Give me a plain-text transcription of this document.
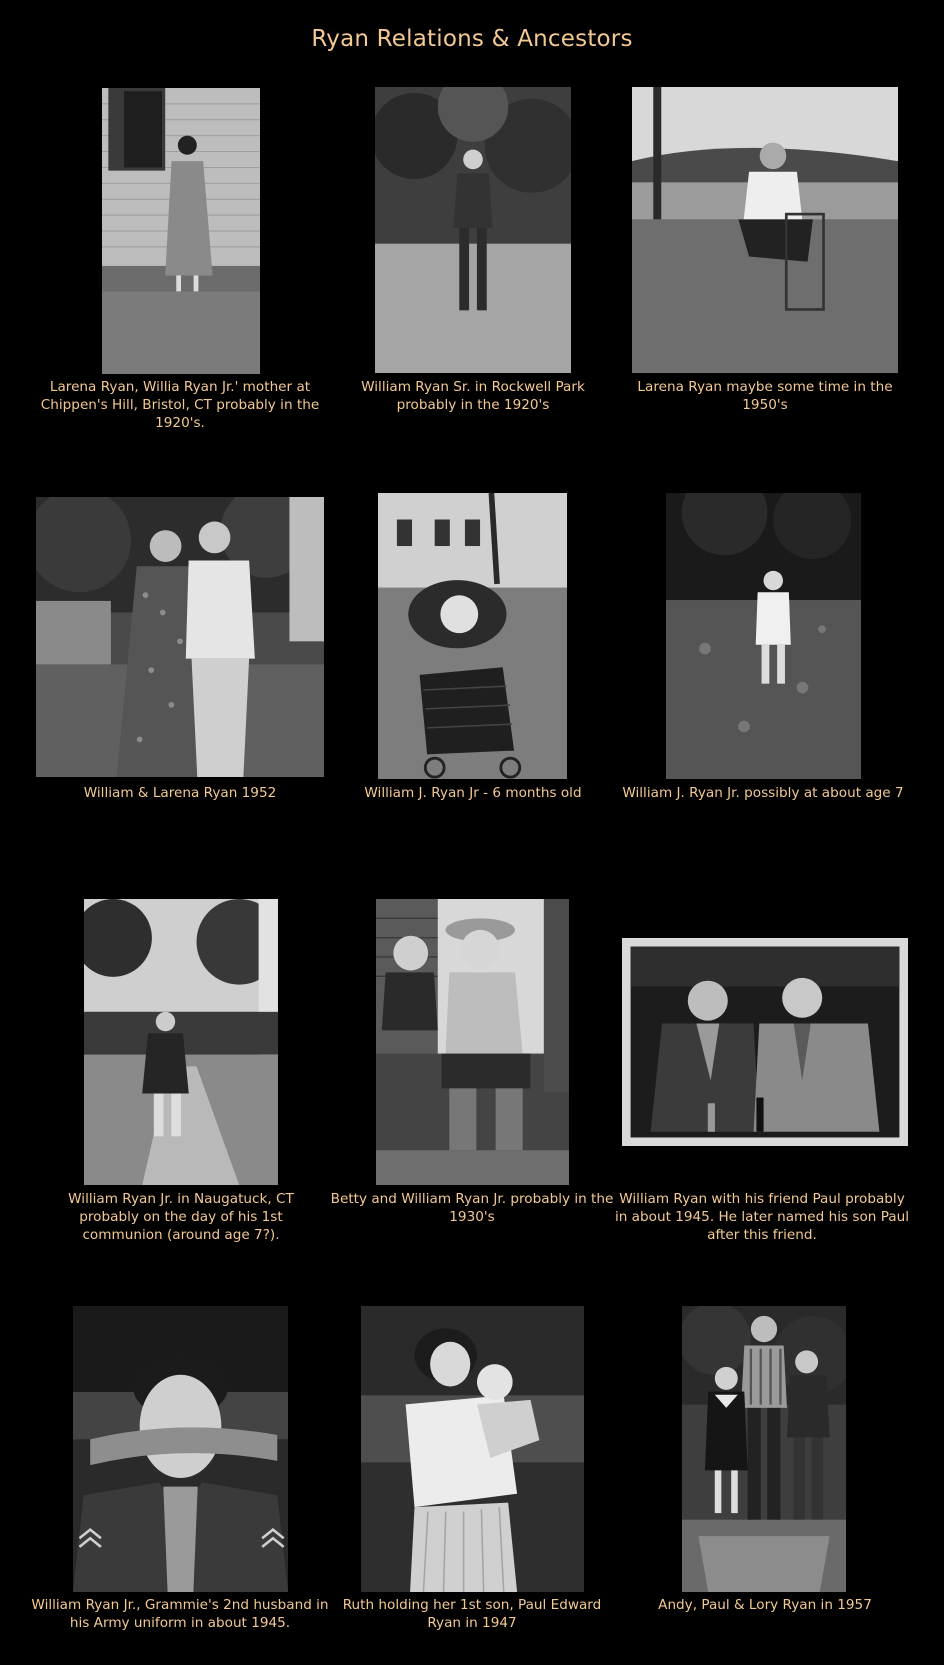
Ryan Relations & Ancestors
Larena Ryan, Willia Ryan Jr.' mother at Chippen's Hill, Bristol, CT probably in the 1920's.
William Ryan Sr. in Rockwell Park probably in the 1920's
Larena Ryan maybe some time in the 1950's
William & Larena Ryan 1952	William J. Ryan Jr - 6 months old	William J. Ryan Jr. possibly at about age 7
William Ryan Jr. in Naugatuck, CT probably on the day of his 1st communion (around age 7?).
Betty and William Ryan Jr. probably in the 1930's
William Ryan with his friend Paul probably in about 1945. He later named his son Paul after this friend.
William Ryan Jr., Grammie's 2nd husband in his Army uniform in about 1945.
Ruth holding her 1st son, Paul Edward Ryan in 1947
Andy, Paul & Lory Ryan in 1957
